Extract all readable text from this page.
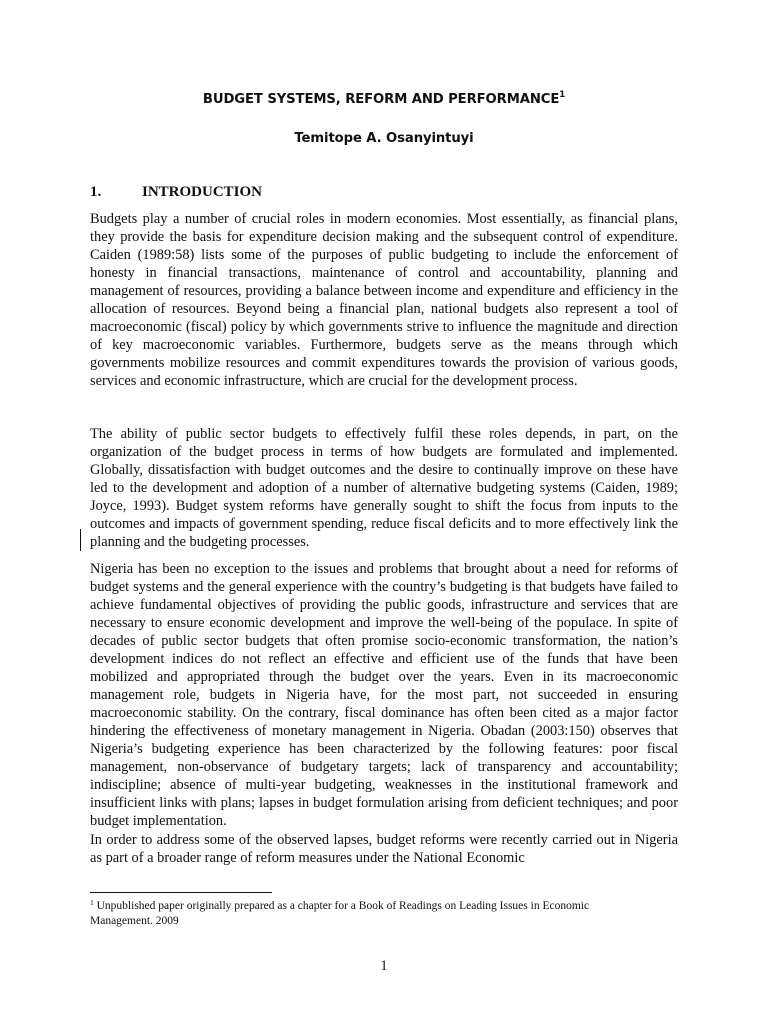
BUDGET SYSTEMS, REFORM AND PERFORMANCE$^1$
Temitope A. Osanyintuyi
1.	INTRODUCTION

Budgets play a number of crucial roles in modern economies. Most essentially, as financial plans, they provide the basis for expenditure decision making and the subsequent control of expenditure. Caiden (1989:58) lists some of the purposes of public budgeting to include the enforcement of honesty in financial transactions, maintenance of control and accountability, planning and management of resources, providing a balance between income and expenditure and efficiency in the allocation of resources. Beyond being a financial plan, national budgets also represent a tool of macroeconomic (fiscal) policy by which governments strive to influence the magnitude and direction of key macroeconomic variables. Furthermore, budgets serve as the means through which governments mobilize resources and commit expenditures towards the provision of various goods, services and economic infrastructure, which are crucial for the development process.

The ability of public sector budgets to effectively fulfil these roles depends, in part, on the organization of the budget process in terms of how budgets are formulated and implemented. Globally, dissatisfaction with budget outcomes and the desire to continually improve on these have led to the development and adoption of a number of alternative budgeting systems (Caiden, 1989; Joyce, 1993). Budget system reforms have generally sought to shift the focus from inputs to the outcomes and impacts of government spending, reduce fiscal deficits and to more effectively link the planning and the budgeting processes.

Nigeria has been no exception to the issues and problems that brought about a need for reforms of budget systems and the general experience with the country’s budgeting is that budgets have failed to achieve fundamental objectives of providing the public goods, infrastructure and services that are necessary to ensure economic development and improve the well-being of the populace. In spite of decades of public sector budgets that often promise socio-economic transformation, the nation’s development indices do not reflect an effective and efficient use of the funds that have been mobilized and appropriated through the budget over the years. Even in its macroeconomic management role, budgets in Nigeria have, for the most part, not succeeded in ensuring macroeconomic stability. On the contrary, fiscal dominance has often been cited as a major factor hindering the effectiveness of monetary management in Nigeria. Obadan (2003:150) observes that Nigeria’s budgeting experience has been characterized by the following features: poor fiscal management, non-observance of budgetary targets; lack of transparency and accountability; indiscipline; absence of multi-year budgeting, weaknesses in the institutional framework and insufficient links with plans; lapses in budget formulation arising from deficient techniques; and poor budget implementation.

In order to address some of the observed lapses, budget reforms were recently carried out in Nigeria as part of a broader range of reform measures under the National Economic

$^1$ Unpublished paper originally prepared as a chapter for a Book of Readings on Leading Issues in Economic Management. 2009
1
